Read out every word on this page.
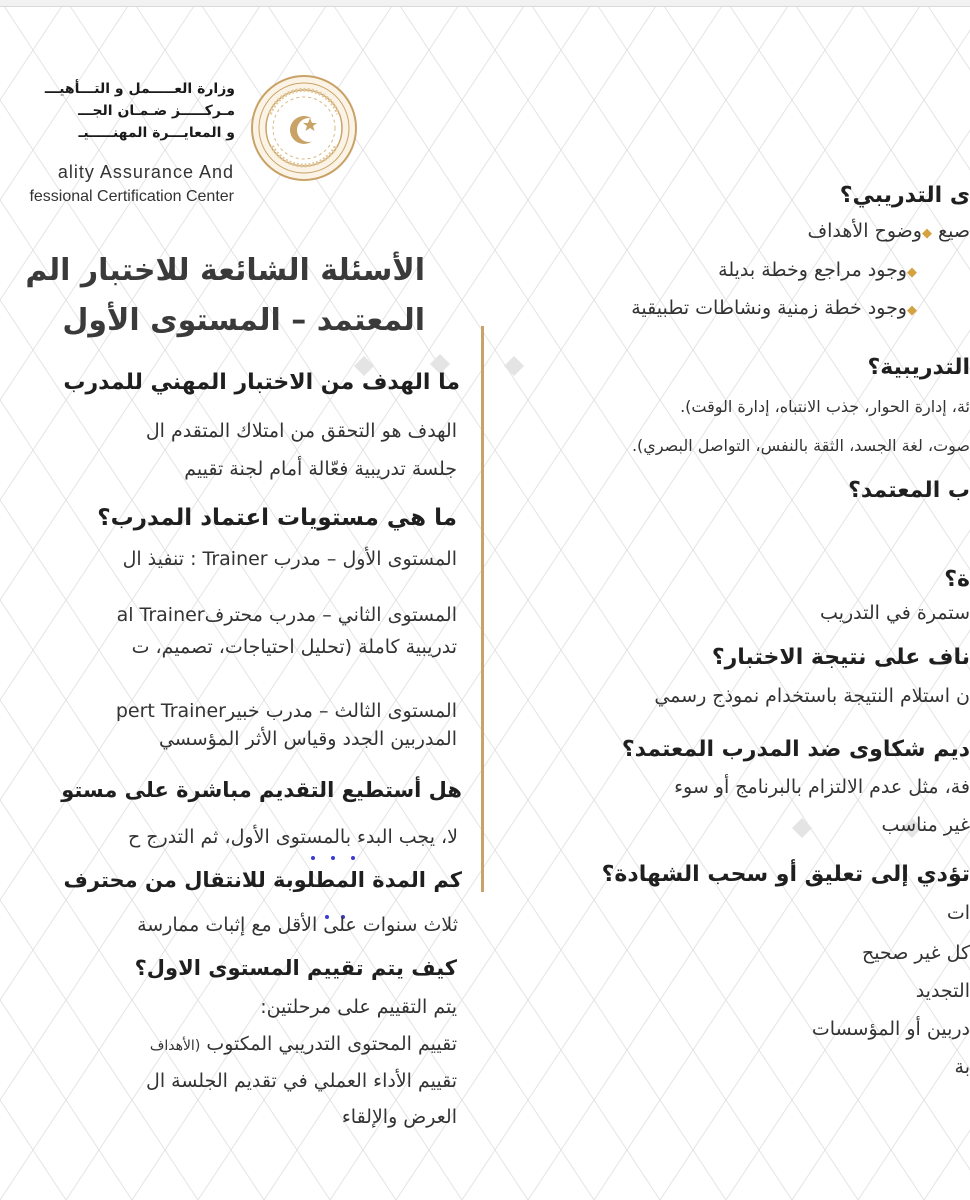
وزارة العـــــمل و التـــأهيـــ
مـركـــــز ضـمـان الجـــ
و المعايـــرة المهنـــــيـ
ality Assurance And
fessional Certification Center
الأسئلة الشائعة للاختبار الم
المعتمد – المستوى الأول
ما الهدف من الاختبار المهني للمدرب
الهدف هو التحقق من امتلاك المتقدم ال
جلسة تدريبية فعّالة أمام لجنة تقييم
ما هي مستويات اعتماد المدرب؟
المستوى الأول – مدرب Trainer : تنفيذ ال
المستوى الثاني – مدرب محترفal Trainer
تدريبية كاملة (تحليل احتياجات، تصميم، ت
المستوى الثالث – مدرب خبيرpert Trainer
المدربين الجدد وقياس الأثر المؤسسي
هل أستطيع التقديم مباشرة على مستو
لا، يجب البدء بالمستوى الأول، ثم التدرج ح
كم المدة المطلوبة للانتقال من محترف
ثلاث سنوات على الأقل مع إثبات ممارسة
كيف يتم تقييم المستوى الاول؟
يتم التقييم على مرحلتين:
تقييم المحتوى التدريبي المكتوب (الأهداف
تقييم الأداء العملي في تقديم الجلسة ال
العرض والإلقاء
ى التدريبي؟
صيع ◆وضوح الأهداف
◆وجود مراجع وخطة بديلة
◆وجود خطة زمنية ونشاطات تطبيقية
التدريبية؟
ئة، إدارة الحوار، جذب الانتباه، إدارة الوقت).
صوت، لغة الجسد، الثقة بالنفس، التواصل البصري).
ب المعتمد؟
ة؟
ستمرة في التدريب
ناف على نتيجة الاختبار؟
ن استلام النتيجة باستخدام نموذج رسمي
ديم شكاوى ضد المدرب المعتمد؟
فة، مثل عدم الالتزام بالبرنامج أو سوء
غير مناسب
تؤدي إلى تعليق أو سحب الشهادة؟
ات
كل غير صحيح
التجديد
دربين أو المؤسسات
بة
